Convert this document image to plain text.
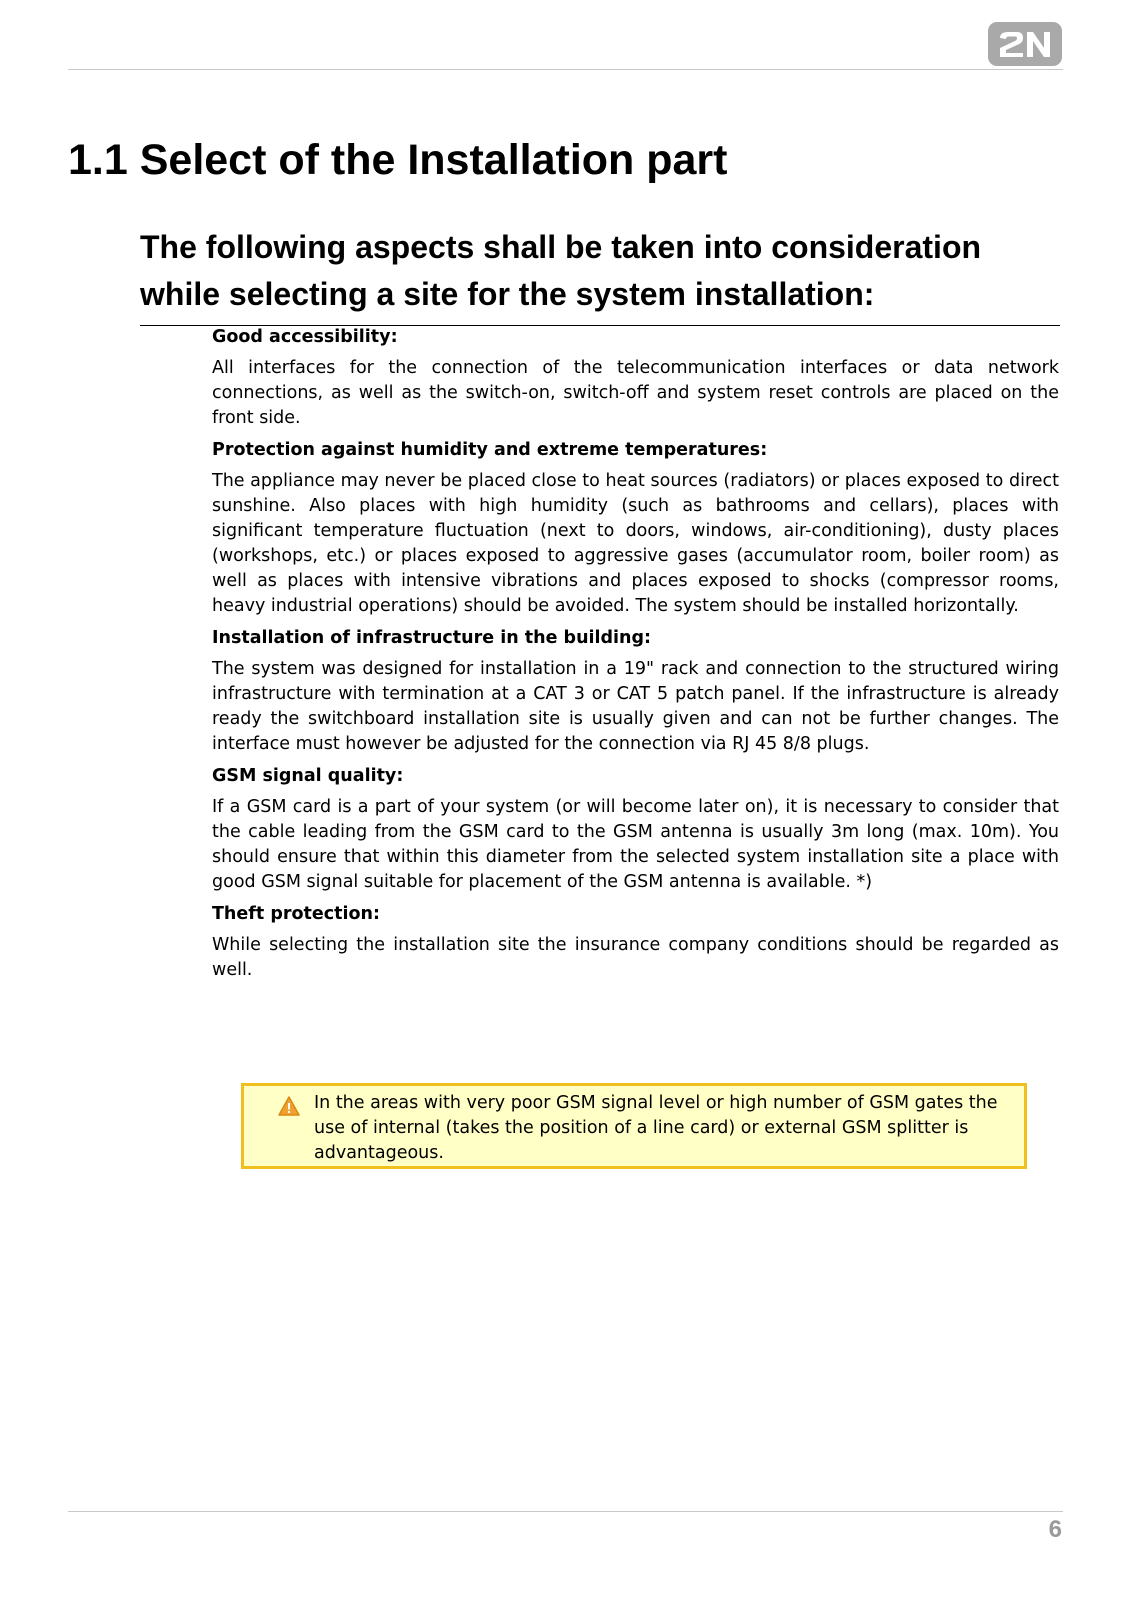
1.1 Select of the Installation part
The following aspects shall be taken into consideration while selecting a site for the system installation:

Good accessibility:

All interfaces for the connection of the telecommunication interfaces or data network connections, as well as the switch-on, switch-off and system reset controls are placed on the front side.

Protection against humidity and extreme temperatures:

The appliance may never be placed close to heat sources (radiators) or places exposed to direct sunshine. Also places with high humidity (such as bathrooms and cellars), places with significant temperature fluctuation (next to doors, windows, air-conditioning), dusty places (workshops, etc.) or places exposed to aggressive gases (accumulator room, boiler room) as well as places with intensive vibrations and places exposed to shocks (compressor rooms, heavy industrial operations) should be avoided. The system should be installed horizontally.

Installation of infrastructure in the building:

The system was designed for installation in a 19" rack and connection to the structured wiring infrastructure with termination at a CAT 3 or CAT 5 patch panel. If the infrastructure is already ready the switchboard installation site is usually given and can not be further changes. The interface must however be adjusted for the connection via RJ 45 8/8 plugs.

GSM signal quality:

If a GSM card is a part of your system (or will become later on), it is necessary to consider that the cable leading from the GSM card to the GSM antenna is usually 3m long (max. 10m). You should ensure that within this diameter from the selected system installation site a place with good GSM signal suitable for placement of the GSM antenna is available. *)

Theft protection:

While selecting the installation site the insurance company conditions should be regarded as well.

In the areas with very poor GSM signal level or high number of GSM gates the use of internal (takes the position of a line card) or external GSM splitter is advantageous.
6
